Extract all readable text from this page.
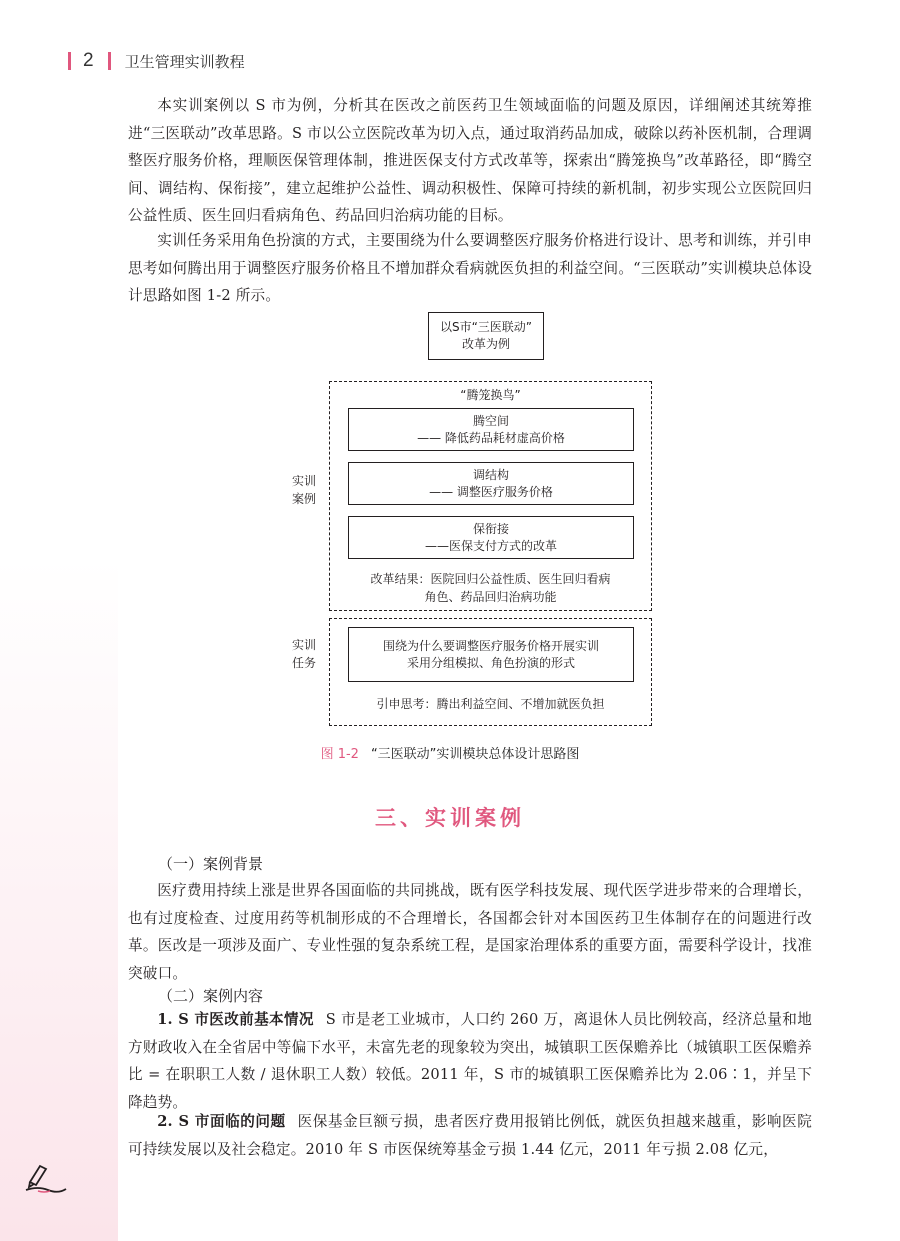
2 卫生管理实训教程

本实训案例以 S 市为例，分析其在医改之前医药卫生领域面临的问题及原因，详细阐述其统筹推进“三医联动”改革思路。S 市以公立医院改革为切入点，通过取消药品加成，破除以药补医机制，合理调整医疗服务价格，理顺医保管理体制，推进医保支付方式改革等，探索出“腾笼换鸟”改革路径，即“腾空间、调结构、保衔接”，建立起维护公益性、调动积极性、保障可持续的新机制，初步实现公立医院回归公益性质、医生回归看病角色、药品回归治病功能的目标。

实训任务采用角色扮演的方式，主要围绕为什么要调整医疗服务价格进行设计、思考和训练，并引申思考如何腾出用于调整医疗服务价格且不增加群众看病就医负担的利益空间。“三医联动”实训模块总体设计思路如图 1-2 所示。

以S市“三医联动”
改革为例
“腾笼换鸟”
实训
案例
腾空间
—— 降低药品耗材虚高价格
调结构
—— 调整医疗服务价格
保衔接
——医保支付方式的改革
改革结果：医院回归公益性质、医生回归看病
角色、药品回归治病功能
实训
任务
围绕为什么要调整医疗服务价格开展实训
采用分组模拟、角色扮演的形式
引申思考：腾出利益空间、不增加就医负担
图 1-2 “三医联动”实训模块总体设计思路图
三、实训案例
（一）案例背景

医疗费用持续上涨是世界各国面临的共同挑战，既有医学科技发展、现代医学进步带来的合理增长，也有过度检查、过度用药等机制形成的不合理增长，各国都会针对本国医药卫生体制存在的问题进行改革。医改是一项涉及面广、专业性强的复杂系统工程，是国家治理体系的重要方面，需要科学设计，找准突破口。

（二）案例内容

1. S 市医改前基本情况 S 市是老工业城市，人口约 260 万，离退休人员比例较高，经济总量和地方财政收入在全省居中等偏下水平，未富先老的现象较为突出，城镇职工医保赡养比（城镇职工医保赡养比 = 在职职工人数 / 退休职工人数）较低。2011 年，S 市的城镇职工医保赡养比为 2.06∶1，并呈下降趋势。

2. S 市面临的问题 医保基金巨额亏损，患者医疗费用报销比例低，就医负担越来越重，影响医院可持续发展以及社会稳定。2010 年 S 市医保统筹基金亏损 1.44 亿元，2011 年亏损 2.08 亿元，
